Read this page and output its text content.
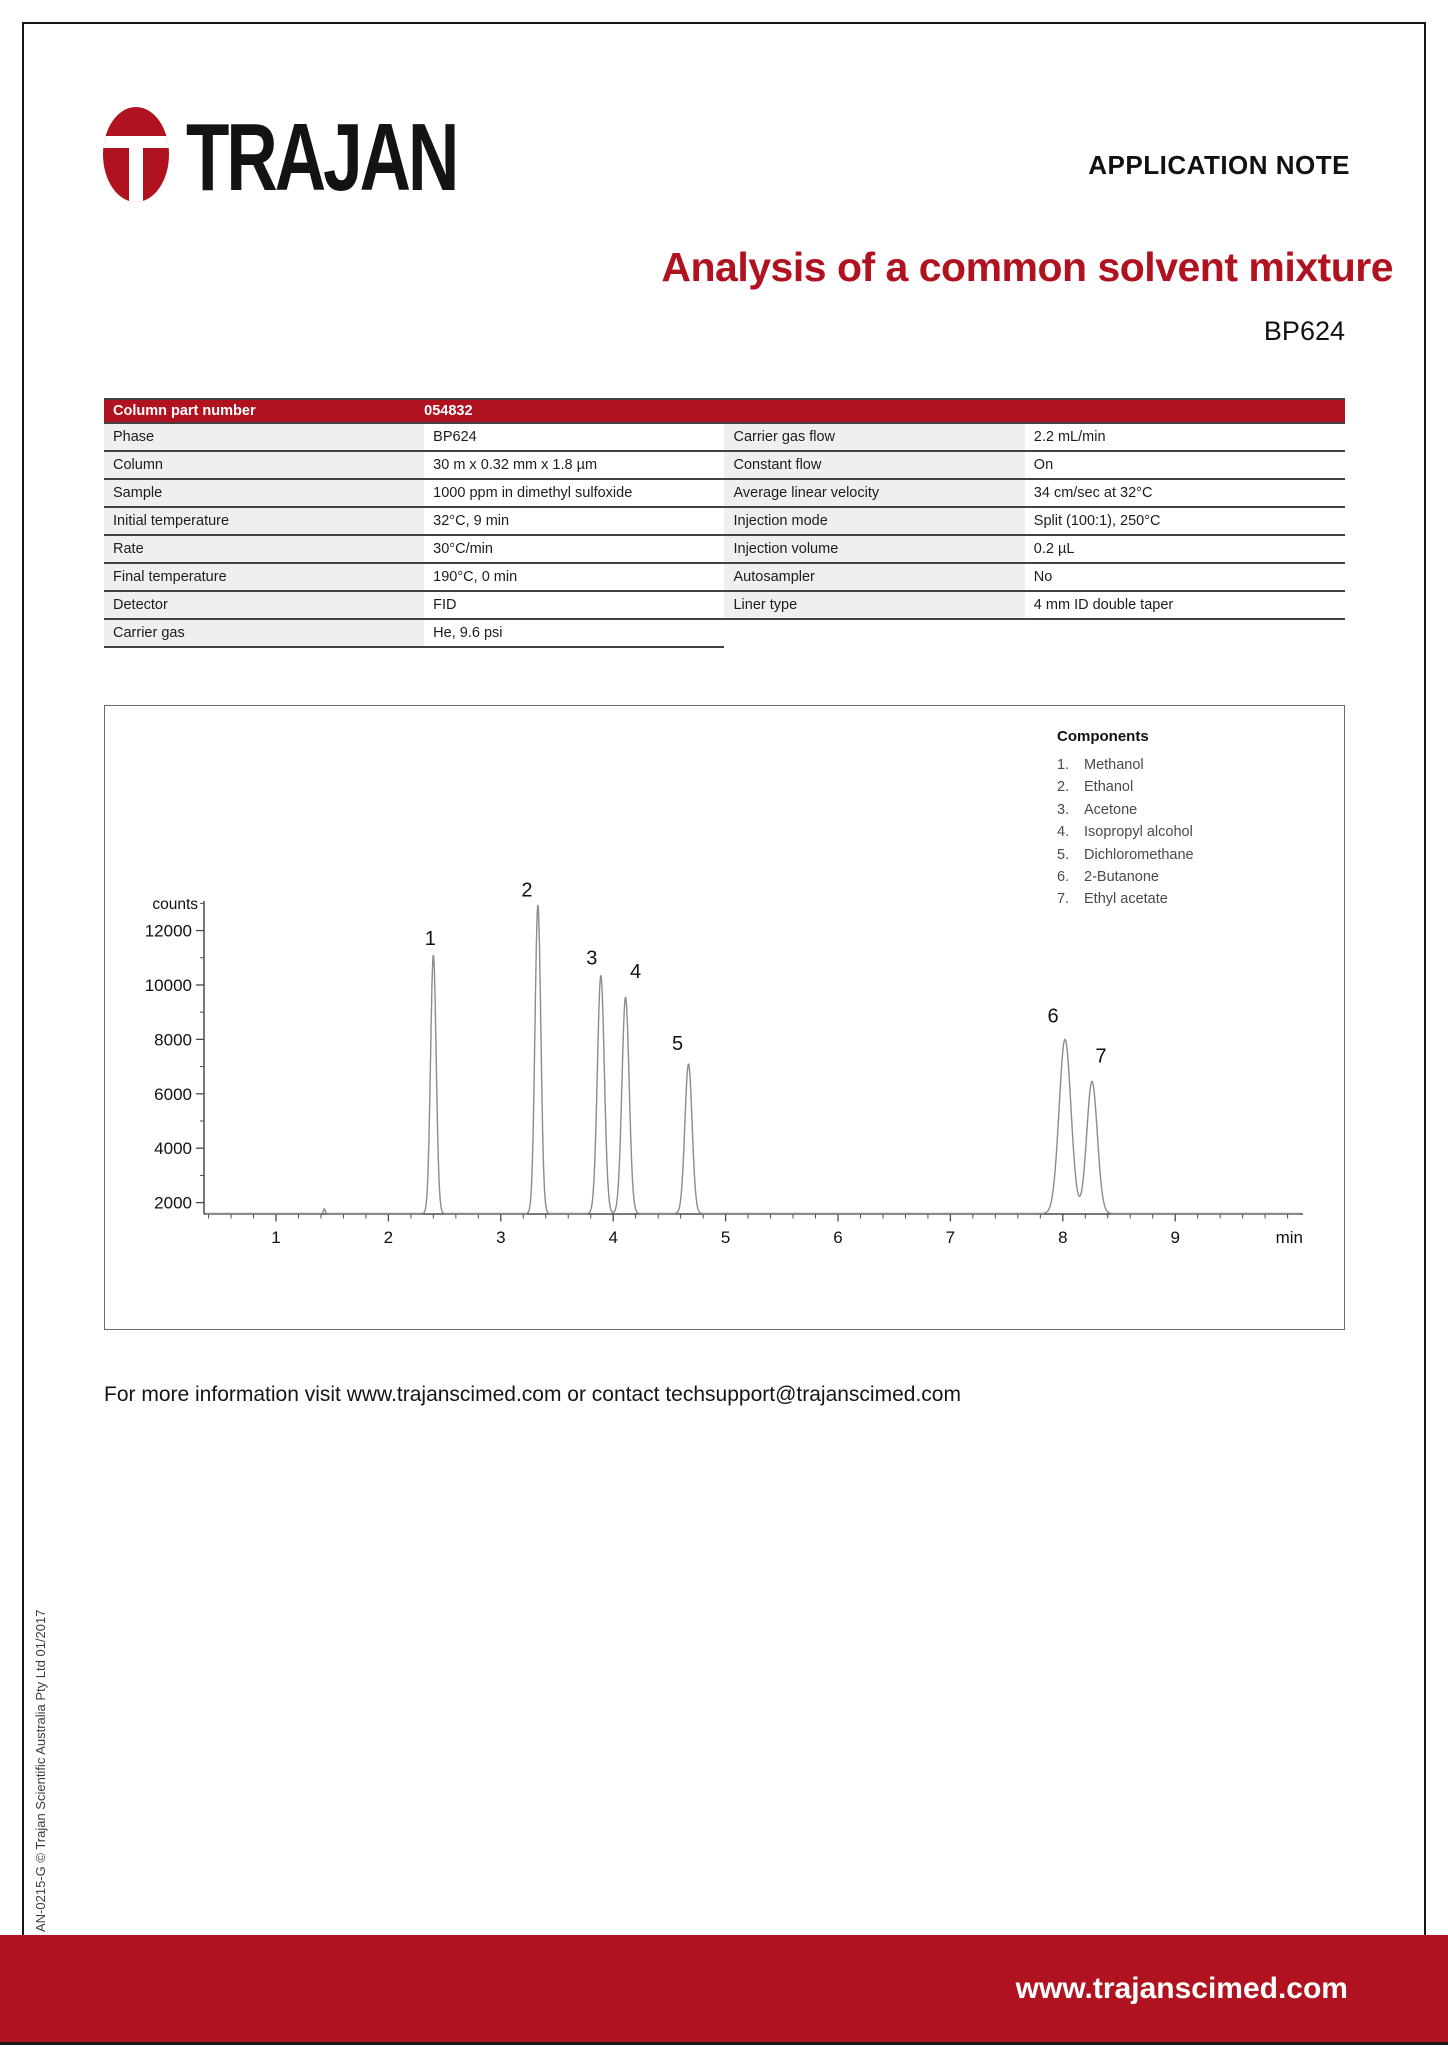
TRAJAN	APPLICATION NOTE
Analysis of a common solvent mixture
BP624
Column part number	054832
Phase	BP624	Carrier gas flow	2.2 mL/min
Column	30 m x 0.32 mm x 1.8 µm	Constant flow	On
Sample	1000 ppm in dimethyl sulfoxide	Average linear velocity	34 cm/sec at 32°C
Initial temperature	32°C, 9 min	Injection mode	Split (100:1), 250°C
Rate	30°C/min	Injection volume	0.2 µL
Final temperature	190°C, 0 min	Autosampler	No
Detector	FID	Liner type	4 mm ID double taper
Carrier gas	He, 9.6 psi
2000
4000
6000
8000
10000
12000
counts
1	2	3	4	5	6	7	8	9	min
1
2
3
4
5
6
7
Components
1.	Methanol
2.	Ethanol
3.	Acetone
4.	Isopropyl alcohol
5.	Dichloromethane
6.	2-Butanone
7.	Ethyl acetate
For more information visit www.trajanscimed.com or contact techsupport@trajanscimed.com
AN-0215-G © Trajan Scientific Australia Pty Ltd 01/2017
www.trajanscimed.com
